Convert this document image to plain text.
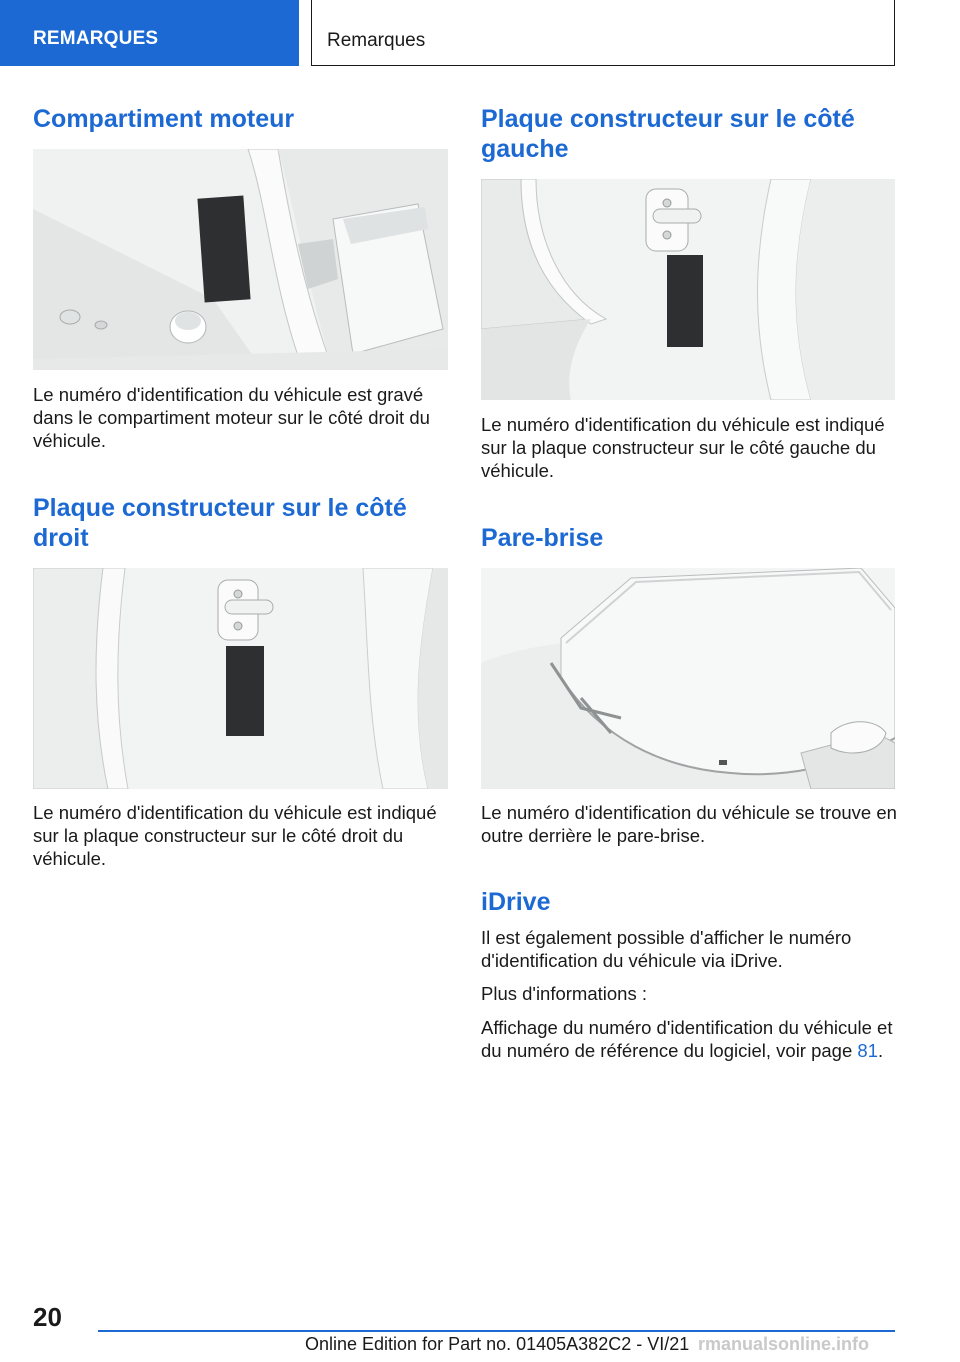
REMARQUES	Remarques
Compartiment moteur
Le numéro d'identification du véhicule est gravé dans le compartiment moteur sur le côté droit du véhicule.
Plaque constructeur sur le côté droit
Le numéro d'identification du véhicule est indiqué sur la plaque constructeur sur le côté droit du véhicule.
Plaque constructeur sur le côté gauche
Le numéro d'identification du véhicule est indiqué sur la plaque constructeur sur le côté gauche du véhicule.
Pare-brise
Le numéro d'identification du véhicule se trouve en outre derrière le pare-brise.
iDrive
Il est également possible d'afficher le numéro d'identification du véhicule via iDrive.
Plus d'informations :
Affichage du numéro d'identification du véhicule et du numéro de référence du logiciel, voir page 81.
20
Online Edition for Part no. 01405A382C2 - VI/21 rmanualsonline.info
